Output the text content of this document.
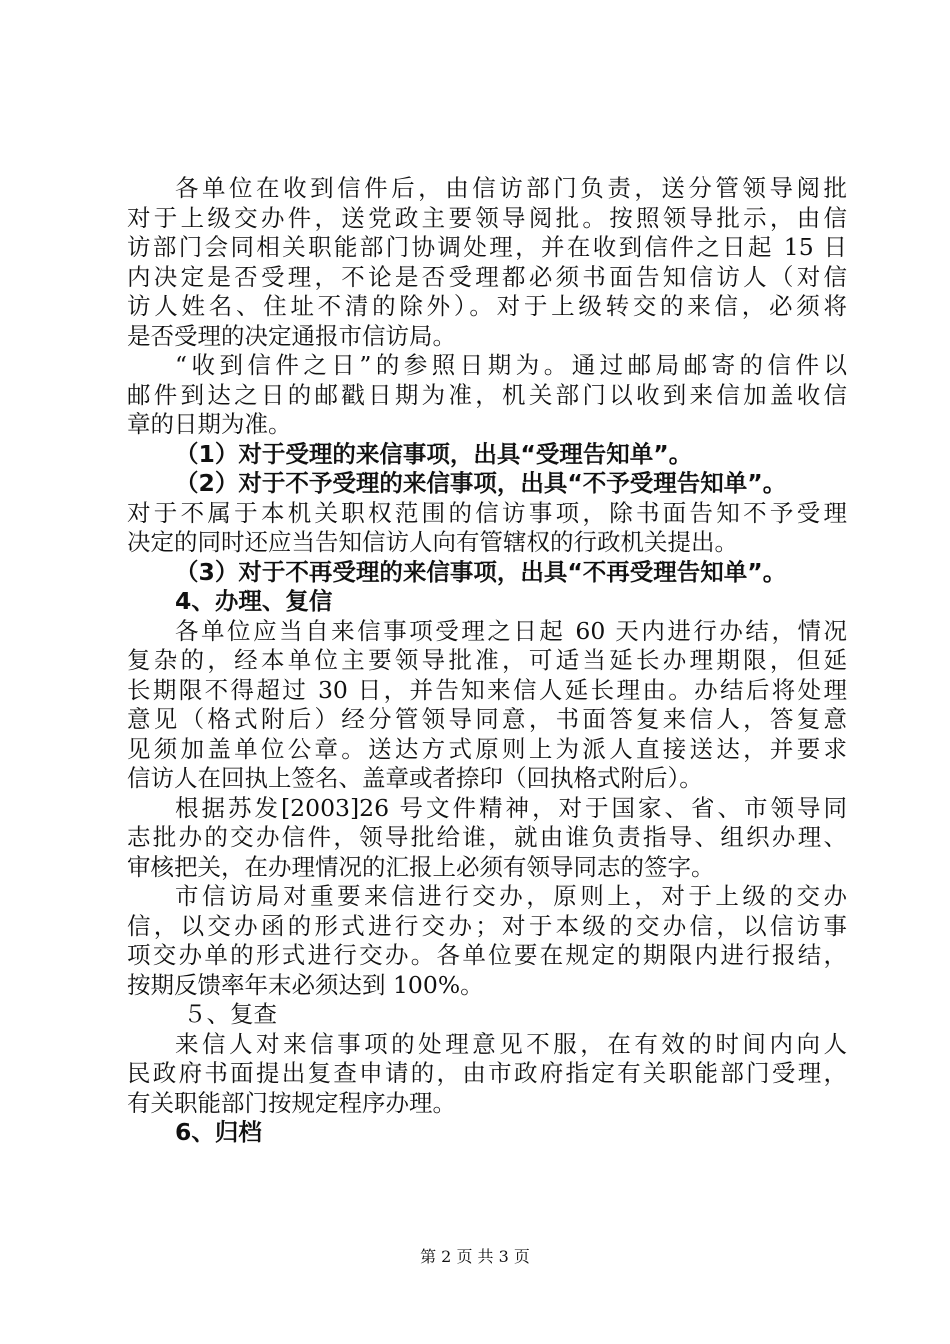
各单位在收到信件后，由信访部门负责，送分管领导阅批
对于上级交办件，送党政主要领导阅批。按照领导批示，由信
访部门会同相关职能部门协调处理，并在收到信件之日起 15 日
内决定是否受理，不论是否受理都必须书面告知信访人（对信
访人姓名、住址不清的除外）。对于上级转交的来信，必须将
是否受理的决定通报市信访局。
“收到信件之日”的参照日期为。通过邮局邮寄的信件以
邮件到达之日的邮戳日期为准，机关部门以收到来信加盖收信
章的日期为准。
（1）对于受理的来信事项，出具“受理告知单”。
（2）对于不予受理的来信事项，出具“不予受理告知单”。
对于不属于本机关职权范围的信访事项，除书面告知不予受理
决定的同时还应当告知信访人向有管辖权的行政机关提出。
（3）对于不再受理的来信事项，出具“不再受理告知单”。
4、办理、复信
各单位应当自来信事项受理之日起 60 天内进行办结，情况
复杂的，经本单位主要领导批准，可适当延长办理期限，但延
长期限不得超过 30 日，并告知来信人延长理由。办结后将处理
意见（格式附后）经分管领导同意，书面答复来信人，答复意
见须加盖单位公章。送达方式原则上为派人直接送达，并要求
信访人在回执上签名、盖章或者捺印（回执格式附后）。
根据苏发[2003]26 号文件精神，对于国家、省、市领导同
志批办的交办信件，领导批给谁，就由谁负责指导、组织办理、
审核把关，在办理情况的汇报上必须有领导同志的签字。
市信访局对重要来信进行交办，原则上，对于上级的交办
信，以交办函的形式进行交办；对于本级的交办信，以信访事
项交办单的形式进行交办。各单位要在规定的期限内进行报结，
按期反馈率年末必须达到 100%。
５、复查
来信人对来信事项的处理意见不服，在有效的时间内向人
民政府书面提出复查申请的，由市政府指定有关职能部门受理，
有关职能部门按规定程序办理。
6、归档
第 2 页 共 3 页
